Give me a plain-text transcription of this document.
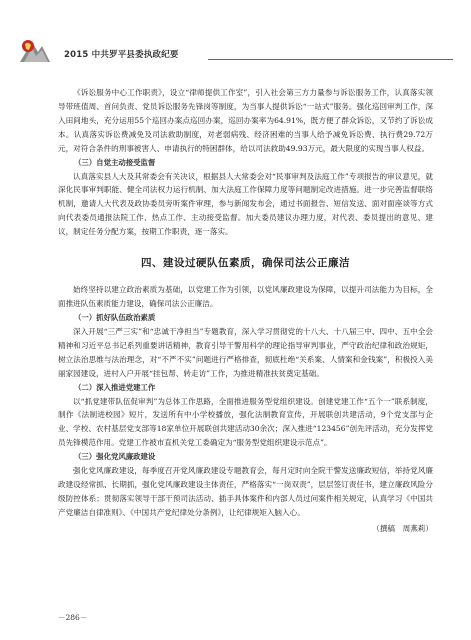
2015 中共罗平县委执政纪要

《诉讼服务中心工作职责》，设立“律师提供工作室”，引入社会第三方力量参与诉讼服务工作，认真落实领导带班值周、首问负责、党员诉讼服务先锋岗等制度，为当事人提供诉讼“一站式”服务。强化巡回审判工作，深入田间地头，充分运用55个巡回办案点巡回办案，巡回办案率为64.91%，既方便了群众诉讼，又节约了诉讼成本。认真落实诉讼费减免及司法救助制度，对老弱病残、经济困难的当事人给予减免诉讼费、执行费29.72万元，对符合条件的刑事被害人、申请执行的特困群体，给以司法救助49.93万元，最大限度的实现当事人权益。

（三）自觉主动接受监督

认真落实县人大及其常委会有关决议，根据县人大常委会对“民事审判及法庭工作”专项报告的审议意见，就深化民事审判职能、健全司法权力运行机制、加大法庭工作保障力度等问题制定改进措施。进一步完善监督联络机制，邀请人大代表及政协委员旁听案件审理，参与新闻发布会，通过书面报告、短信发送、面对面座谈等方式向代表委员通报法院工作、热点工作、主动接受监督。加大委员建议办理力度，对代表、委员提出的意见、建议，制定任务分配方案，按期工作职责，逐一落实。

四、建设过硬队伍素质，确保司法公正廉洁

始终坚持以建立政治素质为基础，以党建工作为引领，以党风廉政建设为保障，以提升司法能力为目标，全面推进队伍素质能力建设，确保司法公正廉洁。

（一）抓好队伍政治素质

深入开展“三严三实”和“忠诚干净担当”专题教育，深入学习贯彻党的十八大、十八届三中、四中、五中全会精神和习近平总书记系列重要讲话精神，教育引导干警用科学的理论指导审判事业，严守政治纪律和政治规矩，树立法治思维与法治理念，对“不严不实”问题进行严格排查，彻底杜绝“关系案、人情案和金钱案”，积极投入美丽家园建设，进村入户开展“挂包帮、转走访”工作，为推进精准扶贫奠定基础。

（二）深入推进党建工作

以“抓党建带队伍促审判”为总体工作思路，全面推进服务型党组织建设。创建党建工作“五个一”联系制度，制作《法制进校园》短片，发送所有中小学校播放，强化法制教育宣传，开展联创共建活动，9个党支部与企业、学校、农村基层党支部等18家单位开展联创共建活动30余次；深入推进“123456”创先评活动，充分发挥党员先锋模范作用。党建工作被市直机关党工委确定为“服务型党组织建设示范点”。

（三）强化党风廉政建设

强化党风廉政建设，每季度召开党风廉政建设专题教育会，每月定时向全院干警发送廉政短信，举持党风廉政建设经常抓、长期抓，强化党风廉政建设主体责任，严格落实“一岗双责”，层层签订责任书，建立廉政风险分级防控体系；贯彻落实领导干部干预司法活动、插手具体案件和内部人员过问案件相关规定，认真学习《中国共产党廉洁自律准则》、《中国共产党纪律处分条例》，让纪律规矩入脑入心。

（撰稿　周燕莉）
－286－
